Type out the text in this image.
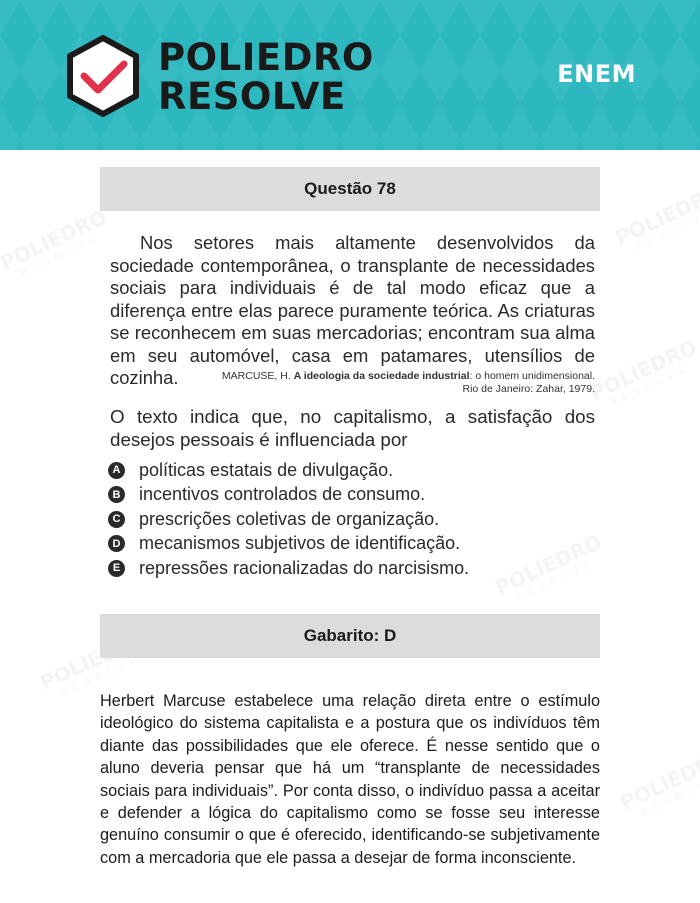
POLIEDRO
RESOLVE
ENEM
Questão 78

Nos setores mais altamente desenvolvidos da sociedade contemporânea, o transplante de necessidades sociais para individuais é de tal modo eficaz que a diferença entre elas parece puramente teórica. As criaturas se reconhecem em suas mercadorias; encontram sua alma em seu automóvel, casa em patamares, utensílios de cozinha.	MARCUSE, H. A ideologia da sociedade industrial: o homem unidimensional.
Rio de Janeiro: Zahar, 1979.
O texto indica que, no capitalismo, a satisfação dos desejos pessoais é influenciada por
A políticas estatais de divulgação.
B incentivos controlados de consumo.
C prescrições coletivas de organização.
D mecanismos subjetivos de identificação.
E repressões racionalizadas do narcisismo.
Gabarito: D
Herbert Marcuse estabelece uma relação direta entre o estímulo ideológico do sistema capitalista e a postura que os indivíduos têm diante das possibilidades que ele oferece. É nesse sentido que o aluno deveria pensar que há um “transplante de necessidades sociais para individuais”. Por conta disso, o indivíduo passa a aceitar e defender a lógica do capitalismo como se fosse seu interesse genuíno consumir o que é oferecido, identificando-se subjetivamente com a mercadoria que ele passa a desejar de forma inconsciente.
